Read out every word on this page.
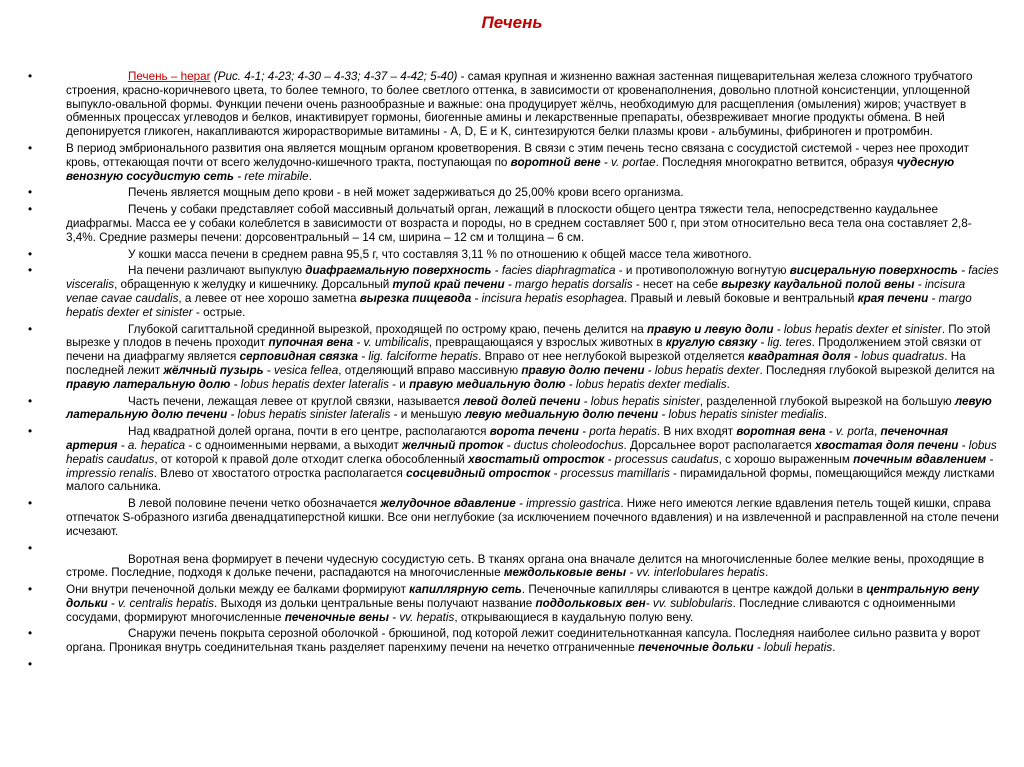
Печень
•	Печень – hepar (Рис. 4-1; 4-23; 4-30 – 4-33; 4-37 – 4-42; 5-40) - самая крупная и жизненно важная застенная пищеварительная железа сложного трубчатого строения, красно-коричневого цвета, то более темного, то более светлого оттенка, в зависимости от кровенаполнения, довольно плотной консистенции, уплощенной выпукло-овальной формы. Функции печени очень разнообразные и важные: она продуцирует жёлчь, необходимую для расщепления (омыления) жиров; участвует в обменных процессах углеводов и белков, инактивирует гормоны, биогенные амины и лекарственные препараты, обезвреживает многие продукты обмена. В ней депонируется гликоген, накапливаются жирорастворимые витамины - A, D, E и K, синтезируются белки плазмы крови - альбумины, фибриноген и протромбин.
•	В период эмбрионального развития она является мощным органом кроветворения. В связи с этим печень тесно связана с сосудистой системой - через нее проходит кровь, оттекающая почти от всего желудочно-кишечного тракта, поступающая по воротной вене - v. portae. Последняя многократно ветвится, образуя чудесную венозную сосудистую сеть - rete mirabile.
•	Печень является мощным депо крови - в ней может задерживаться до 25,00% крови всего организма.
•	Печень у собаки представляет собой массивный дольчатый орган, лежащий в плоскости общего центра тяжести тела, непосредственно каудальнее диафрагмы. Масса ее у собаки колеблется в зависимости от возраста и породы, но в среднем составляет 500 г, при этом относительно веса тела она составляет 2,8-3,4%. Средние размеры печени: дорсовентральный – 14 см, ширина – 12 см и толщина – 6 см.
•	У кошки масса печени в среднем равна 95,5 г, что составляя 3,11 % по отношению к общей массе тела животного.
•	На печени различают выпуклую диафрагмальную поверхность - facies diaphragmatica - и противоположную вогнутую висцеральную поверхность - facies visceralis, обращенную к желудку и кишечнику. Дорсальный тупой край печени - margo hepatis dorsalis - несет на себе вырезку каудальной полой вены - incisura venae cavae caudalis, а левее от нее хорошо заметна вырезка пищевода - incisura hepatis esophagea. Правый и левый боковые и вентральный края печени - margo hepatis dexter et sinister - острые.
•	Глубокой сагиттальной срединной вырезкой, проходящей по остpому краю, печень делится на правую и левую доли - lobus hepatis dexter et sinister. По этой вырезке у плодов в печень проходит пупочная вена - v. umbilicalis, превращающаяся у взрослых животных в круглую связку - lig. teres. Продолжением этой связки от печени на диафрагму является серповидная связка - lig. falciforme hepatis. Вправо от нее неглубокой вырезкой отделяется квадратная доля - lobus quadratus. На последней лежит жёлчный пузырь - vesica fellea, отделяющий вправо массивную правую долю печени - lobus hepatis dexter. Последняя глубокой вырезкой делится на правую латеральную долю - lobus hepatis dexter lateralis - и правую медиальную долю - lobus hepatis dexter medialis.
•	Часть печени, лежащая левее от круглой связки, называется левой долей печени - lobus hepatis sinister, разделенной глубокой вырезкой на большую левую латеральную долю печени - lobus hepatis sinister lateralis - и меньшую левую медиальную долю печени - lobus hepatis sinister medialis.
•	Над квадратной долей органа, почти в его центре, располагаются ворота печени - porta hepatis. В них входят воротная вена - v. porta, печеночная артерия - a. hepatica - с одноименными нервами, а выходит желчный проток - ductus choleodochus. Дорсальнее ворот располагается хвостатая доля печени - lobus hepatis caudatus, от которой к правой доле отходит слегка обособленный хвостатый отросток - processus caudatus, с хорошо выраженным почечным вдавлением - impressio renalis. Влево от хвостатого отростка располагается сосцевидный отросток - processus mamillaris - пирамидальной формы, помещающийся между листками малого сальника.
•	В левой половине печени четко обозначается желудочное вдавление - impressio gastrica. Ниже него имеются легкие вдавления петель тощей кишки, справа отпечаток S-образного изгиба двенадцатиперстной кишки. Все они неглубокие (за исключением почечного вдавления) и на извлеченной и расправленной на столе печени исчезают.
•
Воротная вена формирует в печени чудесную сосудистую сеть. В тканях органа она вначале делится на многочисленные более мелкие вены, проходящие в строме. Последние, подходя к дольке печени, распадаются на многочисленные междольковые вены - vv. interlobulares hepatis.
•	Они внутри печеночной дольки между ее балками формируют капиллярную сеть. Печеночные капилляры сливаются в центре каждой дольки в центральную вену дольки - v. centralis hepatis. Выходя из дольки центральные вены получают название поддольковых вен- vv. sublobularis. Последние сливаются с одноименными сосудами, формируют многочисленные печеночные вены - vv. hepatis, открывающиеся в каудальную полую вену.
•	Снаружи печень покрыта серозной оболочкой - брюшиной, под которой лежит соединительнотканная капсула. Последняя наиболее сильно развита у ворот органа. Проникая внутрь соединительная ткань разделяет паренхиму печени на нечетко отграниченные печеночные дольки - lobuli hepatis.
•
